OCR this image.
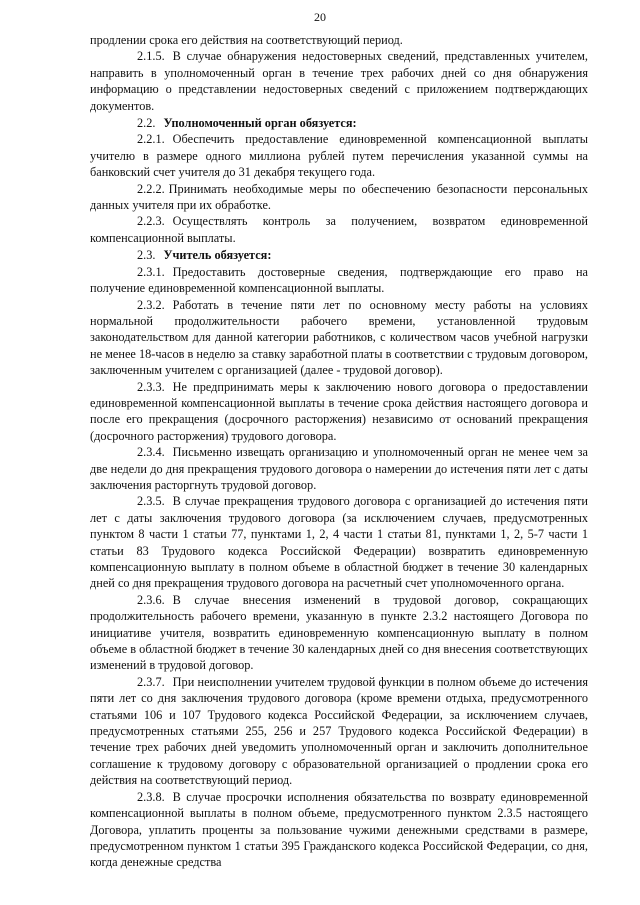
20

продлении срока его действия на соответствующий период.

2.1.5. В случае обнаружения недостоверных сведений, представленных учителем, направить в уполномоченный орган в течение трех рабочих дней со дня обнаружения информацию о представлении недостоверных сведений с приложением подтверждающих документов.

2.2. Уполномоченный орган обязуется:

2.2.1. Обеспечить предоставление единовременной компенсационной выплаты учителю в размере одного миллиона рублей путем перечисления указанной суммы на банковский счет учителя до 31 декабря текущего года.

2.2.2. Принимать необходимые меры по обеспечению безопасности персональных данных учителя при их обработке.

2.2.3. Осуществлять контроль за получением, возвратом единовременной компенсационной выплаты.

2.3. Учитель обязуется:

2.3.1. Предоставить достоверные сведения, подтверждающие его право на получение единовременной компенсационной выплаты.

2.3.2. Работать в течение пяти лет по основному месту работы на условиях нормальной продолжительности рабочего времени, установленной трудовым законодательством для данной категории работников, с количеством часов учебной нагрузки не менее 18-часов в неделю за ставку заработной платы в соответствии с трудовым договором, заключенным учителем с организацией (далее - трудовой договор).

2.3.3. Не предпринимать меры к заключению нового договора о предоставлении единовременной компенсационной выплаты в течение срока действия настоящего договора и после его прекращения (досрочного расторжения) независимо от оснований прекращения (досрочного расторжения) трудового договора.

2.3.4. Письменно извещать организацию и уполномоченный орган не менее чем за две недели до дня прекращения трудового договора о намерении до истечения пяти лет с даты заключения расторгнуть трудовой договор.

2.3.5. В случае прекращения трудового договора с организацией до истечения пяти лет с даты заключения трудового договора (за исключением случаев, предусмотренных пунктом 8 части 1 статьи 77, пунктами 1, 2, 4 части 1 статьи 81, пунктами 1, 2, 5-7 части 1 статьи 83 Трудового кодекса Российской Федерации) возвратить единовременную компенсационную выплату в полном объеме в областной бюджет в течение 30 календарных дней со дня прекращения трудового договора на расчетный счет уполномоченного органа.

2.3.6. В случае внесения изменений в трудовой договор, сокращающих продолжительность рабочего времени, указанную в пункте 2.3.2 настоящего Договора по инициативе учителя, возвратить единовременную компенсационную выплату в полном объеме в областной бюджет в течение 30 календарных дней со дня внесения соответствующих изменений в трудовой договор.

2.3.7. При неисполнении учителем трудовой функции в полном объеме до истечения пяти лет со дня заключения трудового договора (кроме времени отдыха, предусмотренного статьями 106 и 107 Трудового кодекса Российской Федерации, за исключением случаев, предусмотренных статьями 255, 256 и 257 Трудового кодекса Российской Федерации) в течение трех рабочих дней уведомить уполномоченный орган и заключить дополнительное соглашение к трудовому договору с образовательной организацией о продлении срока его действия на соответствующий период.

2.3.8. В случае просрочки исполнения обязательства по возврату единовременной компенсационной выплаты в полном объеме, предусмотренного пунктом 2.3.5 настоящего Договора, уплатить проценты за пользование чужими денежными средствами в размере, предусмотренном пунктом 1 статьи 395 Гражданского кодекса Российской Федерации, со дня, когда денежные средства
